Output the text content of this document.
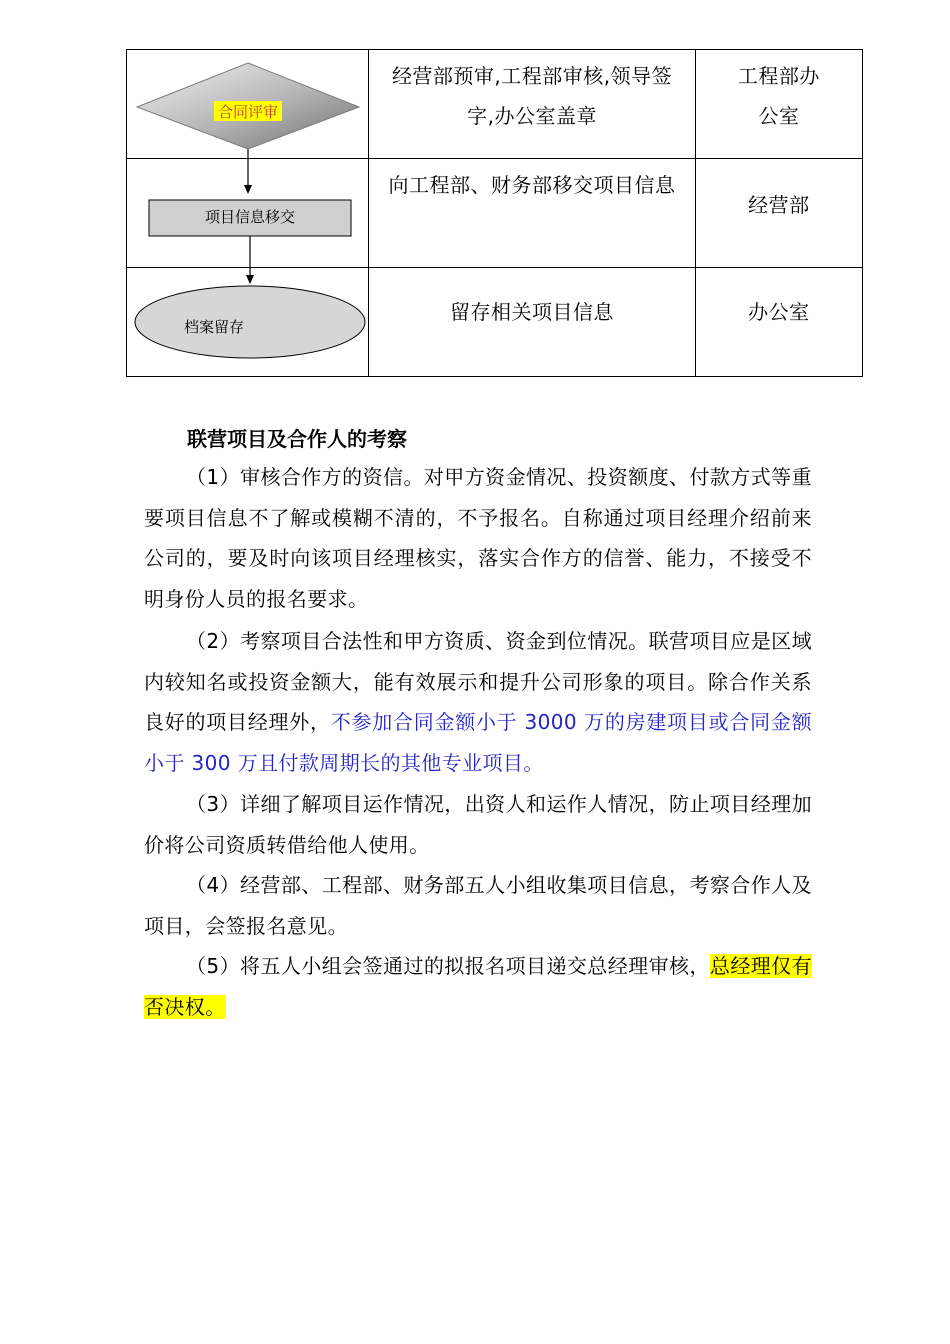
	经营部预审,工程部审核,领导签字,办公室盖章	工程部办公室

	向工程部、财务部移交项目信息	经营部

	留存相关项目信息	办公室
合同评审
项目信息移交
档案留存
联营项目及合作人的考察
（1）审核合作方的资信。对甲方资金情况、投资额度、付款方式等重要项目信息不了解或模糊不清的，不予报名。自称通过项目经理介绍前来公司的，要及时向该项目经理核实，落实合作方的信誉、能力，不接受不明身份人员的报名要求。
（2）考察项目合法性和甲方资质、资金到位情况。联营项目应是区域内较知名或投资金额大，能有效展示和提升公司形象的项目。除合作关系良好的项目经理外，不参加合同金额小于 3000 万的房建项目或合同金额小于 300 万且付款周期长的其他专业项目。
（3）详细了解项目运作情况，出资人和运作人情况，防止项目经理加价将公司资质转借给他人使用。
（4）经营部、工程部、财务部五人小组收集项目信息，考察合作人及项目，会签报名意见。
（5）将五人小组会签通过的拟报名项目递交总经理审核，总经理仅有否决权。
